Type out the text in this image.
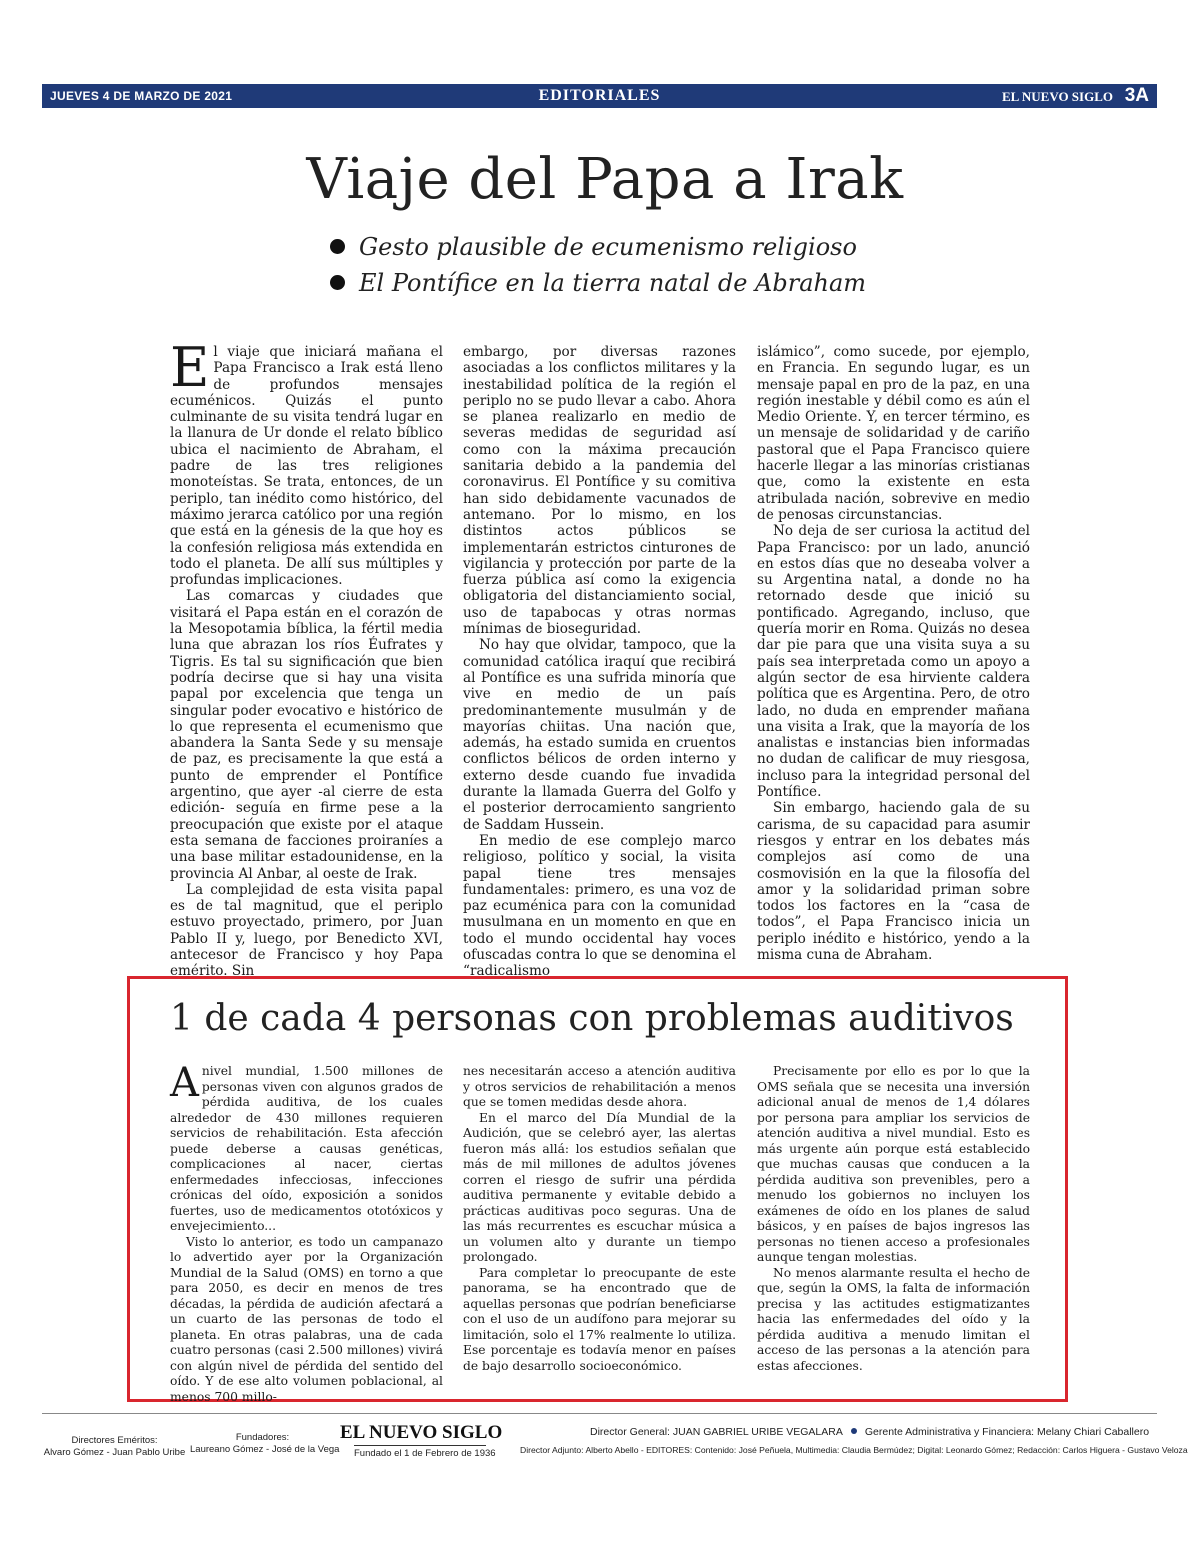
JUEVES 4 DE MARZO DE 2021	EDITORIALES	EL NUEVO SIGLO 3A
Viaje del Papa a Irak
Gesto plausible de ecumenismo religioso
El Pontífice en la tierra natal de Abraham

El viaje que iniciará mañana el Papa Francisco a Irak está lleno de profundos mensajes ecuménicos. Quizás el punto culminante de su visita tendrá lugar en la llanura de Ur donde el relato bíblico ubica el nacimiento de Abraham, el padre de las tres religiones monoteístas. Se trata, entonces, de un periplo, tan inédito como histórico, del máximo jerarca católico por una región que está en la génesis de la que hoy es la confesión religiosa más extendida en todo el planeta. De allí sus múltiples y profundas implicaciones.

Las comarcas y ciudades que visitará el Papa están en el corazón de la Mesopotamia bíblica, la fértil media luna que abrazan los ríos Éufrates y Tigris. Es tal su significación que bien podría decirse que si hay una visita papal por excelencia que tenga un singular poder evocativo e histórico de lo que representa el ecumenismo que abandera la Santa Sede y su mensaje de paz, es precisamente la que está a punto de emprender el Pontífice argentino, que ayer -al cierre de esta edición- seguía en firme pese a la preocupación que existe por el ataque esta semana de facciones proiraníes a una base militar estadounidense, en la provincia Al Anbar, al oeste de Irak.

La complejidad de esta visita papal es de tal magnitud, que el periplo estuvo proyectado, primero, por Juan Pablo II y, luego, por Benedicto XVI, antecesor de Francisco y hoy Papa emérito. Sin

embargo, por diversas razones asociadas a los conflictos militares y la inestabilidad política de la región el periplo no se pudo llevar a cabo. Ahora se planea realizarlo en medio de severas medidas de seguridad así como con la máxima precaución sanitaria debido a la pandemia del coronavirus. El Pontífice y su comitiva han sido debidamente vacunados de antemano. Por lo mismo, en los distintos actos públicos se implementarán estrictos cinturones de vigilancia y protección por parte de la fuerza pública así como la exigencia obligatoria del distanciamiento social, uso de tapabocas y otras normas mínimas de bioseguridad.

No hay que olvidar, tampoco, que la comunidad católica iraquí que recibirá al Pontífice es una sufrida minoría que vive en medio de un país predominantemente musulmán y de mayorías chiitas. Una nación que, además, ha estado sumida en cruentos conflictos bélicos de orden interno y externo desde cuando fue invadida durante la llamada Guerra del Golfo y el posterior derrocamiento sangriento de Saddam Hussein.

En medio de ese complejo marco religioso, político y social, la visita papal tiene tres mensajes fundamentales: primero, es una voz de paz ecuménica para con la comunidad musulmana en un momento en que en todo el mundo occidental hay voces ofuscadas contra lo que se denomina el “radicalismo

islámico”, como sucede, por ejemplo, en Francia. En segundo lugar, es un mensaje papal en pro de la paz, en una región inestable y débil como es aún el Medio Oriente. Y, en tercer término, es un mensaje de solidaridad y de cariño pastoral que el Papa Francisco quiere hacerle llegar a las minorías cristianas que, como la existente en esta atribulada nación, sobrevive en medio de penosas circunstancias.

No deja de ser curiosa la actitud del Papa Francisco: por un lado, anunció en estos días que no deseaba volver a su Argentina natal, a donde no ha retornado desde que inició su pontificado. Agregando, incluso, que quería morir en Roma. Quizás no desea dar pie para que una visita suya a su país sea interpretada como un apoyo a algún sector de esa hirviente caldera política que es Argentina. Pero, de otro lado, no duda en emprender mañana una visita a Irak, que la mayoría de los analistas e instancias bien informadas no dudan de calificar de muy riesgosa, incluso para la integridad personal del Pontífice.

Sin embargo, haciendo gala de su carisma, de su capacidad para asumir riesgos y entrar en los debates más complejos así como de una cosmovisión en la que la filosofía del amor y la solidaridad priman sobre todos los factores en la “casa de todos”, el Papa Francisco inicia un periplo inédito e histórico, yendo a la misma cuna de Abraham.

1 de cada 4 personas con problemas auditivos

Anivel mundial, 1.500 millones de personas viven con algunos grados de pérdida auditiva, de los cuales alrededor de 430 millones requieren servicios de rehabilitación. Esta afección puede deberse a causas genéticas, complicaciones al nacer, ciertas enfermedades infecciosas, infecciones crónicas del oído, exposición a sonidos fuertes, uso de medicamentos ototóxicos y envejecimiento...

Visto lo anterior, es todo un campanazo lo advertido ayer por la Organización Mundial de la Salud (OMS) en torno a que para 2050, es decir en menos de tres décadas, la pérdida de audición afectará a un cuarto de las personas de todo el planeta. En otras palabras, una de cada cuatro personas (casi 2.500 millones) vivirá con algún nivel de pérdida del sentido del oído. Y de ese alto volumen poblacional, al menos 700 millo-

nes necesitarán acceso a atención auditiva y otros servicios de rehabilitación a menos que se tomen medidas desde ahora.

En el marco del Día Mundial de la Audición, que se celebró ayer, las alertas fueron más allá: los estudios señalan que más de mil millones de adultos jóvenes corren el riesgo de sufrir una pérdida auditiva permanente y evitable debido a prácticas auditivas poco seguras. Una de las más recurrentes es escuchar música a un volumen alto y durante un tiempo prolongado.

Para completar lo preocupante de este panorama, se ha encontrado que de aquellas personas que podrían beneficiarse con el uso de un audífono para mejorar su limitación, solo el 17% realmente lo utiliza. Ese porcentaje es todavía menor en países de bajo desarrollo socioeconómico.

Precisamente por ello es por lo que la OMS señala que se necesita una inversión adicional anual de menos de 1,4 dólares por persona para ampliar los servicios de atención auditiva a nivel mundial. Esto es más urgente aún porque está establecido que muchas causas que conducen a la pérdida auditiva son prevenibles, pero a menudo los gobiernos no incluyen los exámenes de oído en los planes de salud básicos, y en países de bajos ingresos las personas no tienen acceso a profesionales aunque tengan molestias.

No menos alarmante resulta el hecho de que, según la OMS, la falta de información precisa y las actitudes estigmatizantes hacia las enfermedades del oído y la pérdida auditiva a menudo limitan el acceso de las personas a la atención para estas afecciones.

Directores Eméritos:
Alvaro Gómez - Juan Pablo Uribe
Fundadores:
Laureano Gómez - José de la Vega
EL NUEVO SIGLO
Fundado el 1 de Febrero de 1936
Director General: JUAN GABRIEL URIBE VEGALARA Gerente Administrativa y Financiera: Melany Chiari Caballero
Director Adjunto: Alberto Abello - EDITORES: Contenido: José Peñuela, Multimedia: Claudia Bermúdez; Digital: Leonardo Gómez; Redacción: Carlos Higuera - Gustavo Veloza
